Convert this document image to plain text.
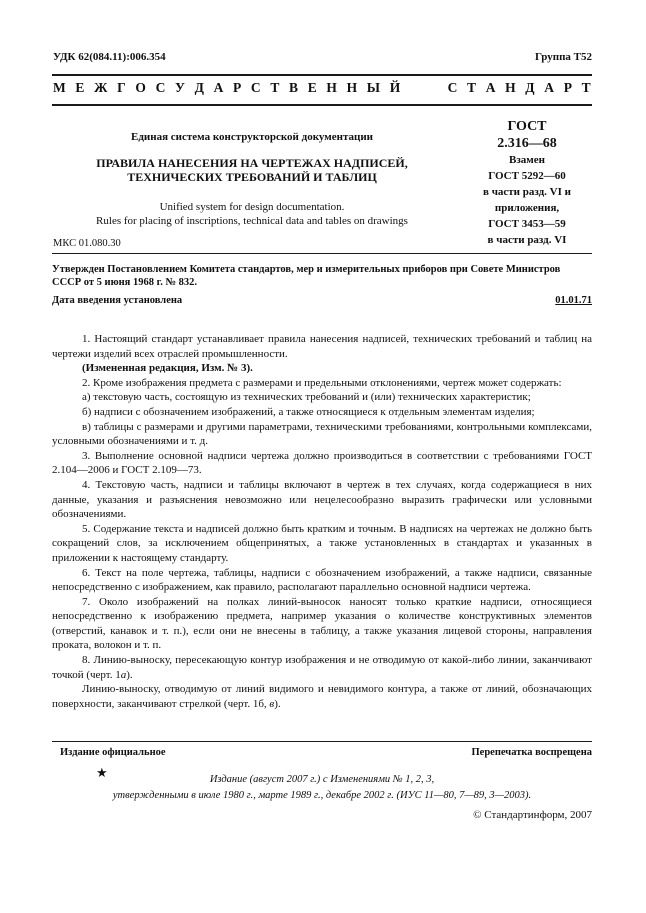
УДК 62(084.11):006.354	Группа Т52
М Е Ж Г О С У Д А Р С Т В Е Н Н Ы Й	С Т А Н Д А Р Т
Единая система конструкторской документации
ПРАВИЛА НАНЕСЕНИЯ НА ЧЕРТЕЖАХ НАДПИСЕЙ,
ТЕХНИЧЕСКИХ ТРЕБОВАНИЙ И ТАБЛИЦ
Unified system for design documentation.
Rules for placing of inscriptions, technical data and tables on drawings
МКС 01.080.30
ГОСТ
2.316—68
Взамен
ГОСТ 5292—60
в части разд. VI и
приложения,
ГОСТ 3453—59
в части разд. VI
Утвержден Постановлением Комитета стандартов, мер и измерительных приборов при Совете Министров СССР от 5 июня 1968 г. № 832.
Дата введения установлена	01.01.71

1. Настоящий стандарт устанавливает правила нанесения надписей, технических требований и таблиц на чертежи изделий всех отраслей промышленности.

(Измененная редакция, Изм. № 3).

2. Кроме изображения предмета с размерами и предельными отклонениями, чертеж может содержать:

а) текстовую часть, состоящую из технических требований и (или) технических характеристик;

б) надписи с обозначением изображений, а также относящиеся к отдельным элементам изделия;

в) таблицы с размерами и другими параметрами, техническими требованиями, контрольными комплексами, условными обозначениями и т. д.

3. Выполнение основной надписи чертежа должно производиться в соответствии с требованиями ГОСТ 2.104—2006 и ГОСТ 2.109—73.

4. Текстовую часть, надписи и таблицы включают в чертеж в тех случаях, когда содержащиеся в них данные, указания и разъяснения невозможно или нецелесообразно выразить графически или условными обозначениями.

5. Содержание текста и надписей должно быть кратким и точным. В надписях на чертежах не должно быть сокращений слов, за исключением общепринятых, а также установленных в стандартах и указанных в приложении к настоящему стандарту.

6. Текст на поле чертежа, таблицы, надписи с обозначением изображений, а также надписи, связанные непосредственно с изображением, как правило, располагают параллельно основной надписи чертежа.

7. Около изображений на полках линий-выносок наносят только краткие надписи, относящиеся непосредственно к изображению предмета, например указания о количестве конструктивных элементов (отверстий, канавок и т. п.), если они не внесены в таблицу, а также указания лицевой стороны, направления проката, волокон и т. п.

8. Линию-выноску, пересекающую контур изображения и не отводимую от какой-либо линии, заканчивают точкой (черт. 1а).

Линию-выноску, отводимую от линий видимого и невидимого контура, а также от линий, обозначающих поверхности, заканчивают стрелкой (черт. 1б, в).

Издание официальное	Перепечатка воспрещена
★	Издание (август 2007 г.) с Изменениями № 1, 2, 3,
утвержденными в июле 1980 г., марте 1989 г., декабре 2002 г. (ИУС 11—80, 7—89, 3—2003).
© Стандартинформ, 2007
